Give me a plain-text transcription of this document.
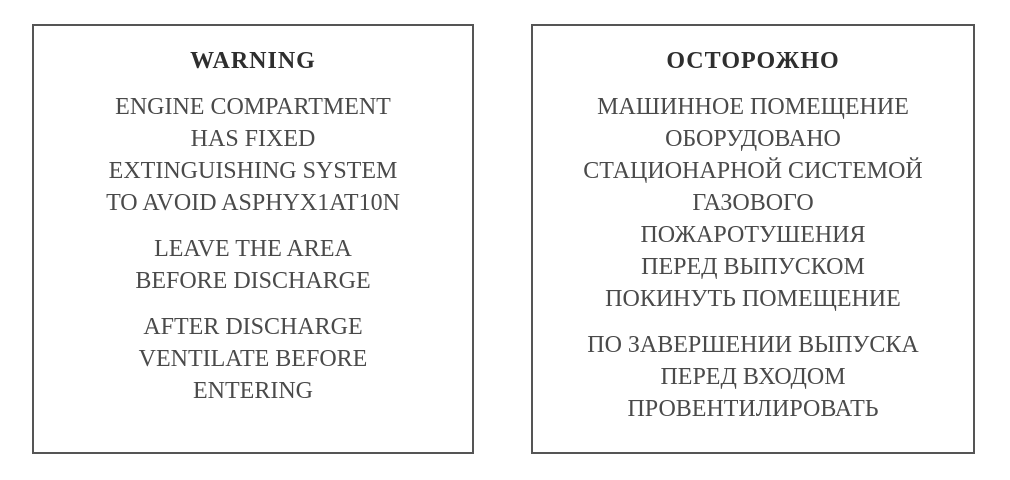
WARNING
ENGINE COMPARTMENT
HAS FIXED
EXTINGUISHING SYSTEM
TO AVOID ASPHYX1AT10N
LEAVE THE AREA
BEFORE DISCHARGE
AFTER DISCHARGE
VENTILATE BEFORE
ENTERING
ОСТОРОЖНО
МАШИННОЕ ПОМЕЩЕНИЕ
ОБОРУДОВАНО
СТАЦИОНАРНОЙ СИСТЕМОЙ
ГАЗОВОГО
ПОЖАРОТУШЕНИЯ
ПЕРЕД ВЫПУСКОМ
ПОКИНУТЬ ПОМЕЩЕНИЕ
ПО ЗАВЕРШЕНИИ ВЫПУСКА
ПЕРЕД ВХОДОМ
ПРОВЕНТИЛИРОВАТЬ
